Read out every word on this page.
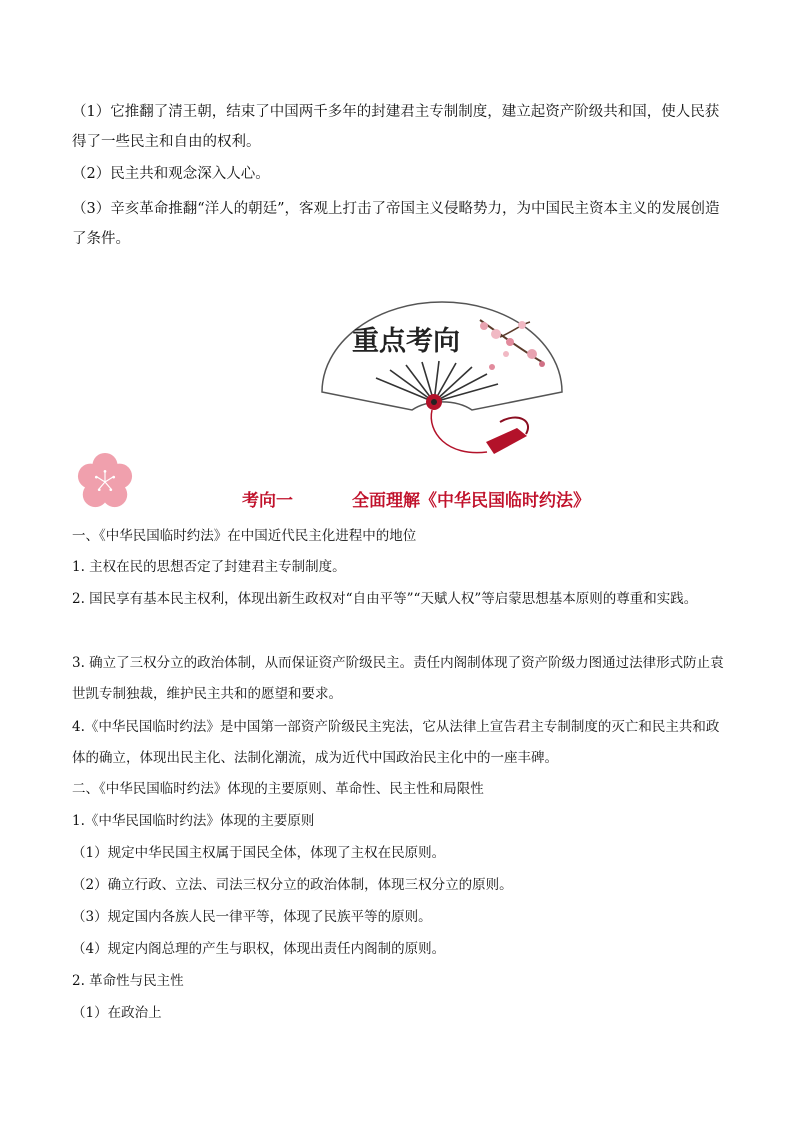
（1）它推翻了清王朝，结束了中国两千多年的封建君主专制制度，建立起资产阶级共和国，使人民获得了一些民主和自由的权利。

（2）民主共和观念深入人心。

（3）辛亥革命推翻“洋人的朝廷”，客观上打击了帝国主义侵略势力，为中国民主资本主义的发展创造了条件。

重点考向
考向一	全面理解《中华民国临时约法》

一、《中华民国临时约法》在中国近代民主化进程中的地位

1. 主权在民的思想否定了封建君主专制制度。

2. 国民享有基本民主权利，体现出新生政权对“自由平等”“天赋人权”等启蒙思想基本原则的尊重和实践。

3. 确立了三权分立的政治体制，从而保证资产阶级民主。责任内阁制体现了资产阶级力图通过法律形式防止袁世凯专制独裁，维护民主共和的愿望和要求。

4.《中华民国临时约法》是中国第一部资产阶级民主宪法，它从法律上宣告君主专制制度的灭亡和民主共和政体的确立，体现出民主化、法制化潮流，成为近代中国政治民主化中的一座丰碑。

二、《中华民国临时约法》体现的主要原则、革命性、民主性和局限性

1.《中华民国临时约法》体现的主要原则

（1）规定中华民国主权属于国民全体，体现了主权在民原则。

（2）确立行政、立法、司法三权分立的政治体制，体现三权分立的原则。

（3）规定国内各族人民一律平等，体现了民族平等的原则。

（4）规定内阁总理的产生与职权，体现出责任内阁制的原则。

2. 革命性与民主性

（1）在政治上
